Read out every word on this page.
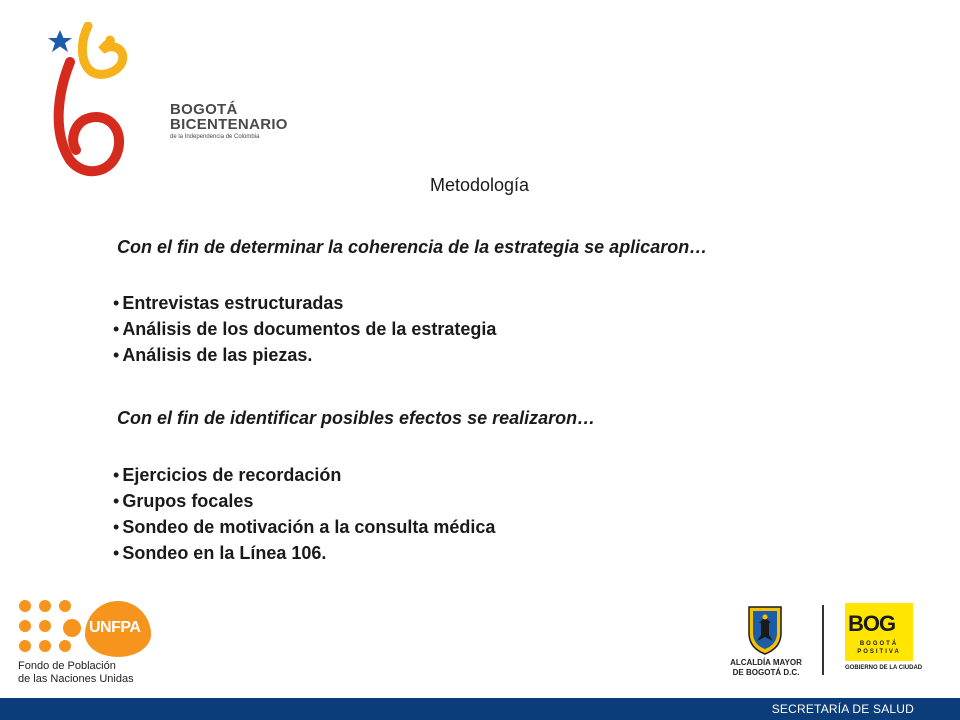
BOGOTÁ
BICENTENARIO
de la Independencia de Colombia
Metodología
Con el fin de determinar la coherencia de la estrategia se aplicaron…
• Entrevistas estructuradas
• Análisis de los documentos de la estrategia
• Análisis de las piezas.
Con el fin de identificar posibles efectos se realizaron…
• Ejercicios de recordación
• Grupos focales
• Sondeo de motivación a la consulta médica
• Sondeo en la Línea 106.
UNFPA
Fondo de Población
de las Naciones Unidas
ALCALDÍA MAYOR
DE BOGOTÁ D.C.
BOG
BOGOTÁ
POSITIVA
GOBIERNO DE LA CIUDAD
SECRETARÍA DE SALUD
